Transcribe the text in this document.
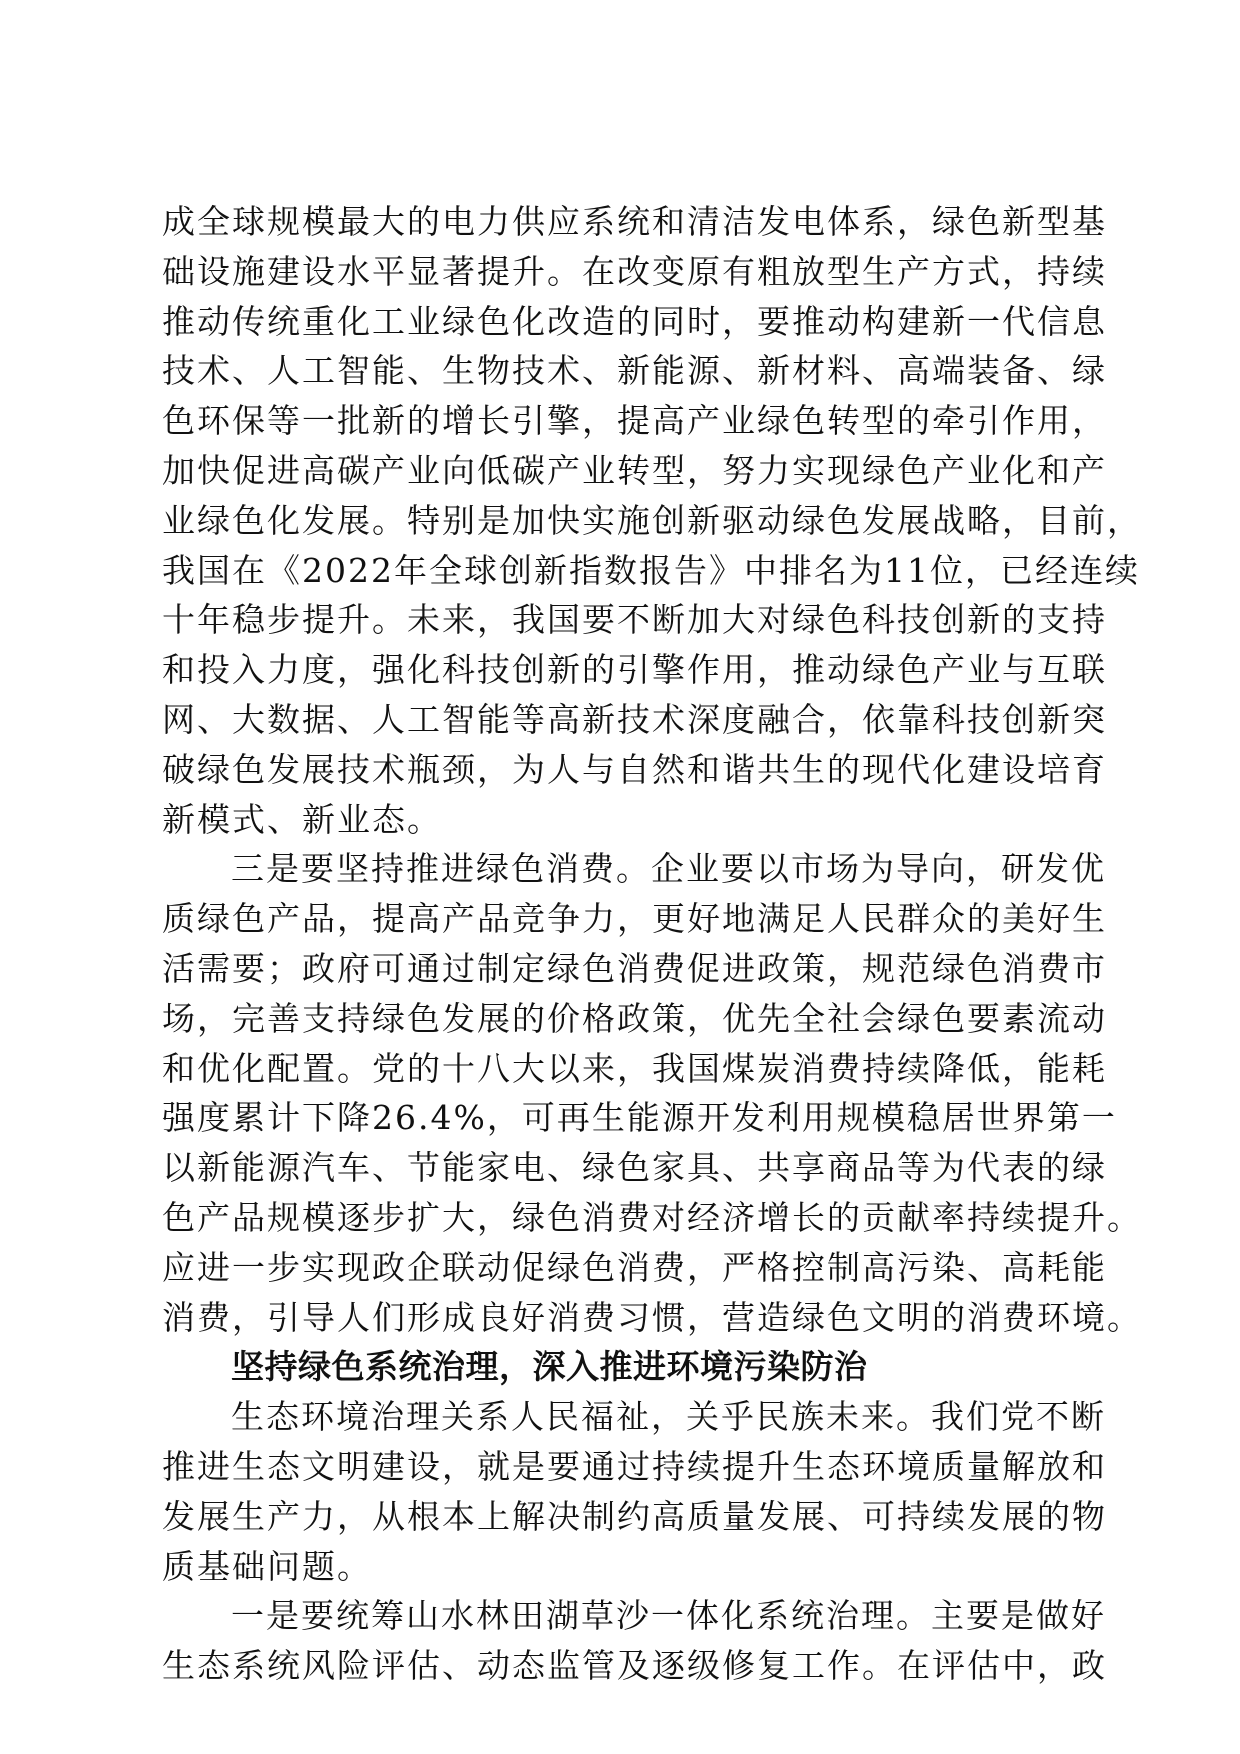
成全球规模最大的电力供应系统和清洁发电体系，绿色新型基
础设施建设水平显著提升。在改变原有粗放型生产方式，持续
推动传统重化工业绿色化改造的同时，要推动构建新一代信息
技术、人工智能、生物技术、新能源、新材料、高端装备、绿
色环保等一批新的增长引擎，提高产业绿色转型的牵引作用，
加快促进高碳产业向低碳产业转型，努力实现绿色产业化和产
业绿色化发展。特别是加快实施创新驱动绿色发展战略，目前，
我国在《2022年全球创新指数报告》中排名为11位，已经连续
十年稳步提升。未来，我国要不断加大对绿色科技创新的支持
和投入力度，强化科技创新的引擎作用，推动绿色产业与互联
网、大数据、人工智能等高新技术深度融合，依靠科技创新突
破绿色发展技术瓶颈，为人与自然和谐共生的现代化建设培育
新模式、新业态。
三是要坚持推进绿色消费。企业要以市场为导向，研发优
质绿色产品，提高产品竞争力，更好地满足人民群众的美好生
活需要；政府可通过制定绿色消费促进政策，规范绿色消费市
场，完善支持绿色发展的价格政策，优先全社会绿色要素流动
和优化配置。党的十八大以来，我国煤炭消费持续降低，能耗
强度累计下降26.4%，可再生能源开发利用规模稳居世界第一
以新能源汽车、节能家电、绿色家具、共享商品等为代表的绿
色产品规模逐步扩大，绿色消费对经济增长的贡献率持续提升。
应进一步实现政企联动促绿色消费，严格控制高污染、高耗能
消费，引导人们形成良好消费习惯，营造绿色文明的消费环境。
坚持绿色系统治理，深入推进环境污染防治
生态环境治理关系人民福祉，关乎民族未来。我们党不断
推进生态文明建设，就是要通过持续提升生态环境质量解放和
发展生产力，从根本上解决制约高质量发展、可持续发展的物
质基础问题。
一是要统筹山水林田湖草沙一体化系统治理。主要是做好
生态系统风险评估、动态监管及逐级修复工作。在评估中，政
